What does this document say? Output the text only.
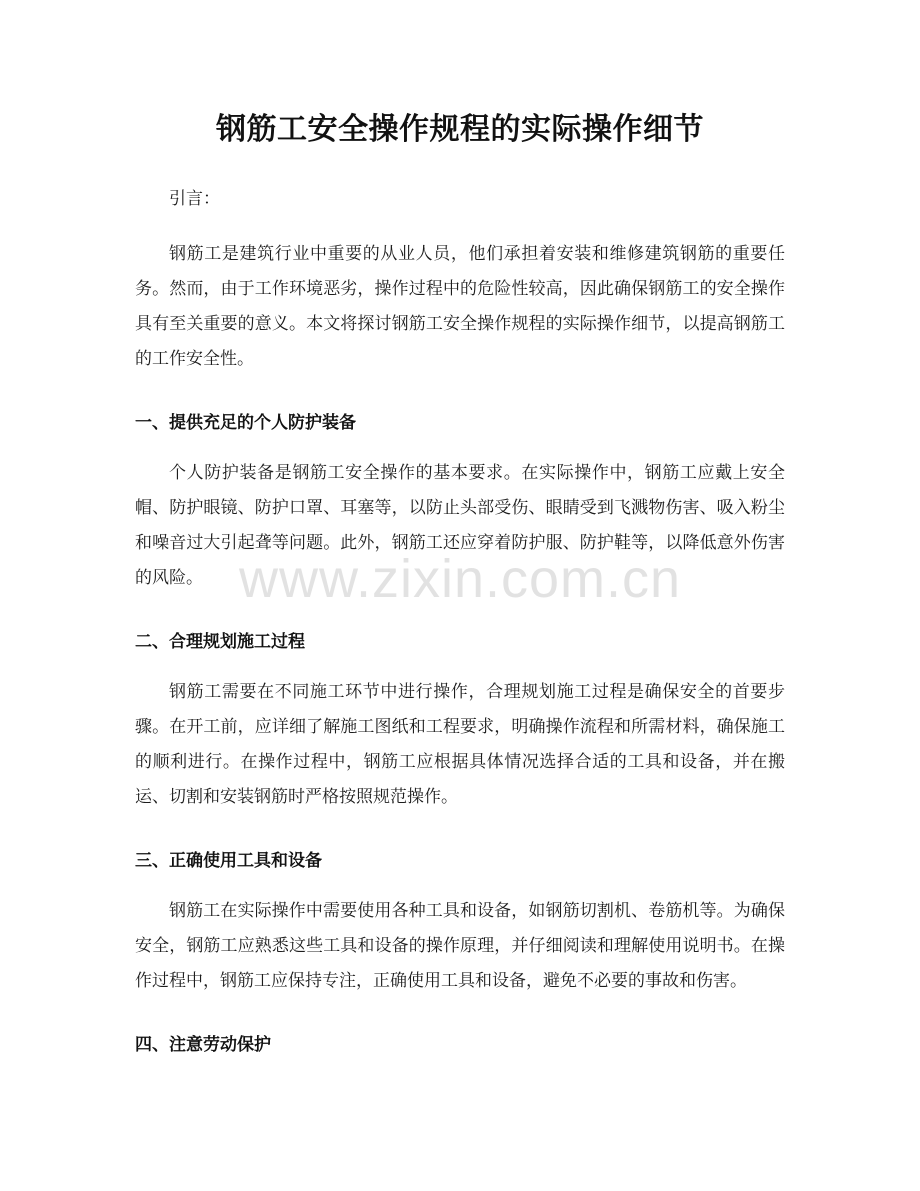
钢筋工安全操作规程的实际操作细节

引言：

钢筋工是建筑行业中重要的从业人员，他们承担着安装和维修建筑钢筋的重要任务。然而，由于工作环境恶劣，操作过程中的危险性较高，因此确保钢筋工的安全操作具有至关重要的意义。本文将探讨钢筋工安全操作规程的实际操作细节，以提高钢筋工的工作安全性。

一、提供充足的个人防护装备

个人防护装备是钢筋工安全操作的基本要求。在实际操作中，钢筋工应戴上安全帽、防护眼镜、防护口罩、耳塞等，以防止头部受伤、眼睛受到飞溅物伤害、吸入粉尘和噪音过大引起聋等问题。此外，钢筋工还应穿着防护服、防护鞋等，以降低意外伤害的风险。

二、合理规划施工过程

钢筋工需要在不同施工环节中进行操作，合理规划施工过程是确保安全的首要步骤。在开工前，应详细了解施工图纸和工程要求，明确操作流程和所需材料，确保施工的顺利进行。在操作过程中，钢筋工应根据具体情况选择合适的工具和设备，并在搬运、切割和安装钢筋时严格按照规范操作。

三、正确使用工具和设备

钢筋工在实际操作中需要使用各种工具和设备，如钢筋切割机、卷筋机等。为确保安全，钢筋工应熟悉这些工具和设备的操作原理，并仔细阅读和理解使用说明书。在操作过程中，钢筋工应保持专注，正确使用工具和设备，避免不必要的事故和伤害。

四、注意劳动保护
www.zixin.com.cn
